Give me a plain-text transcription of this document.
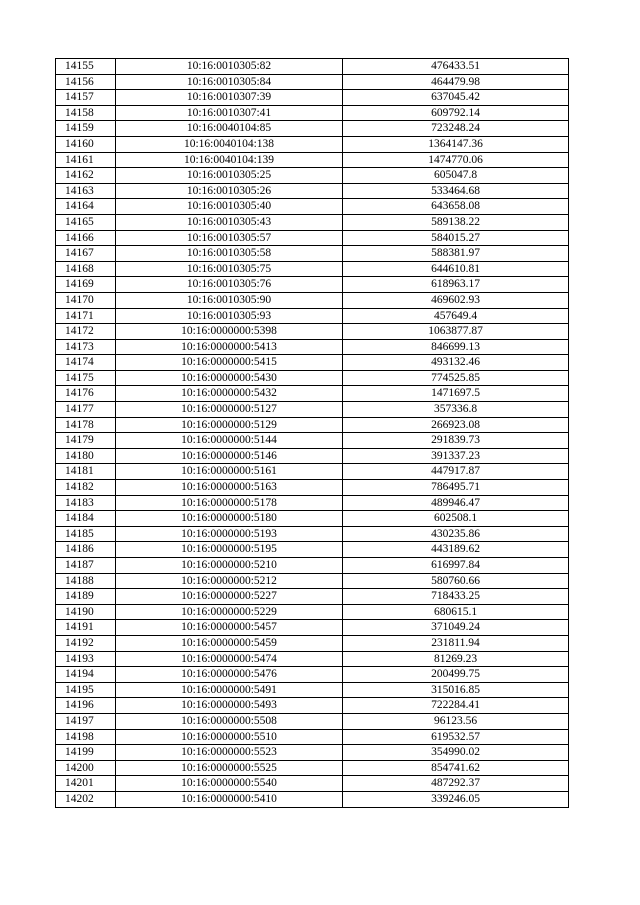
14155	10:16:0010305:82	476433.51
14156	10:16:0010305:84	464479.98
14157	10:16:0010307:39	637045.42
14158	10:16:0010307:41	609792.14
14159	10:16:0040104:85	723248.24
14160	10:16:0040104:138	1364147.36
14161	10:16:0040104:139	1474770.06
14162	10:16:0010305:25	605047.8
14163	10:16:0010305:26	533464.68
14164	10:16:0010305:40	643658.08
14165	10:16:0010305:43	589138.22
14166	10:16:0010305:57	584015.27
14167	10:16:0010305:58	588381.97
14168	10:16:0010305:75	644610.81
14169	10:16:0010305:76	618963.17
14170	10:16:0010305:90	469602.93
14171	10:16:0010305:93	457649.4
14172	10:16:0000000:5398	1063877.87
14173	10:16:0000000:5413	846699.13
14174	10:16:0000000:5415	493132.46
14175	10:16:0000000:5430	774525.85
14176	10:16:0000000:5432	1471697.5
14177	10:16:0000000:5127	357336.8
14178	10:16:0000000:5129	266923.08
14179	10:16:0000000:5144	291839.73
14180	10:16:0000000:5146	391337.23
14181	10:16:0000000:5161	447917.87
14182	10:16:0000000:5163	786495.71
14183	10:16:0000000:5178	489946.47
14184	10:16:0000000:5180	602508.1
14185	10:16:0000000:5193	430235.86
14186	10:16:0000000:5195	443189.62
14187	10:16:0000000:5210	616997.84
14188	10:16:0000000:5212	580760.66
14189	10:16:0000000:5227	718433.25
14190	10:16:0000000:5229	680615.1
14191	10:16:0000000:5457	371049.24
14192	10:16:0000000:5459	231811.94
14193	10:16:0000000:5474	81269.23
14194	10:16:0000000:5476	200499.75
14195	10:16:0000000:5491	315016.85
14196	10:16:0000000:5493	722284.41
14197	10:16:0000000:5508	96123.56
14198	10:16:0000000:5510	619532.57
14199	10:16:0000000:5523	354990.02
14200	10:16:0000000:5525	854741.62
14201	10:16:0000000:5540	487292.37
14202	10:16:0000000:5410	339246.05
